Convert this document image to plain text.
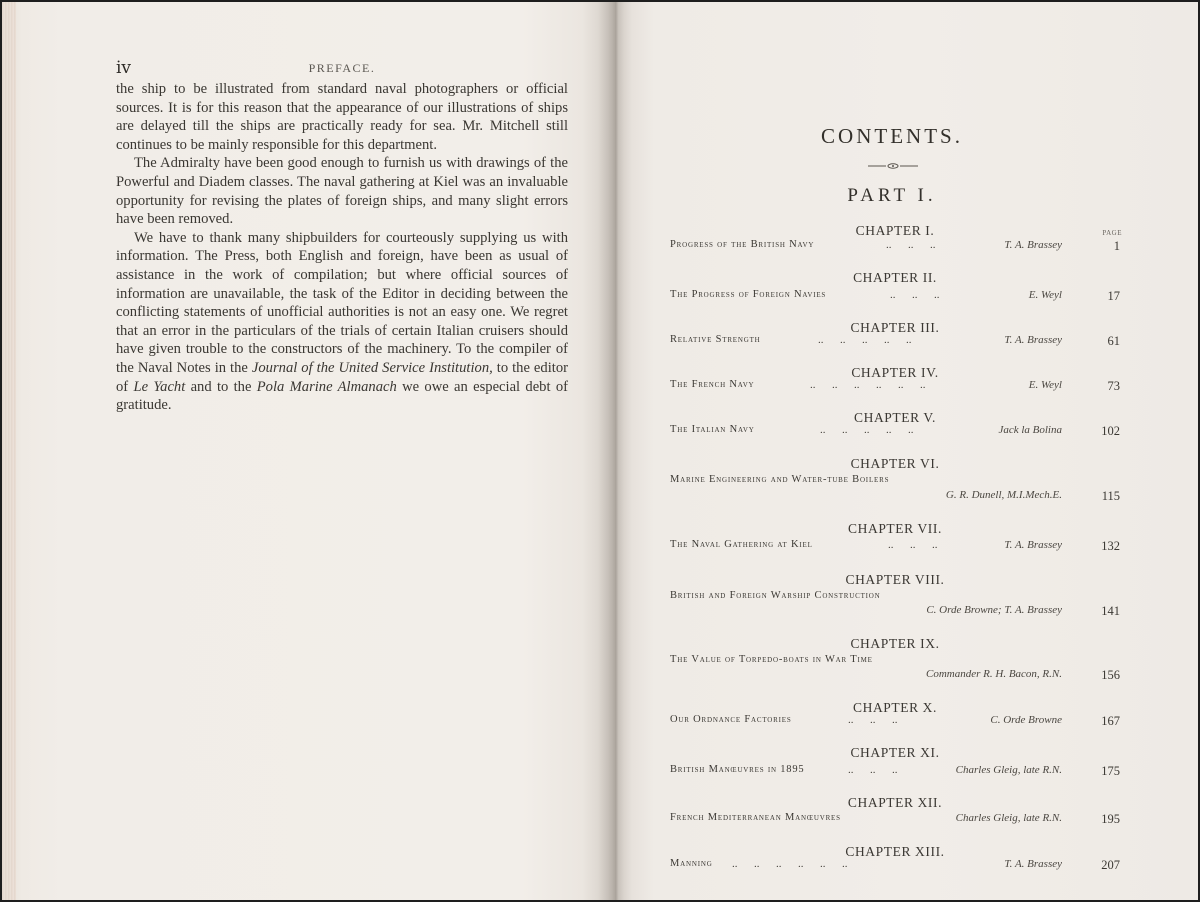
iv	PREFACE.

the ship to be illustrated from standard naval photographers or official sources. It is for this reason that the appearance of our illustrations of ships are delayed till the ships are practically ready for sea. Mr. Mitchell still continues to be mainly responsible for this department.

The Admiralty have been good enough to furnish us with drawings of the Powerful and Diadem classes. The naval gathering at Kiel was an invaluable opportunity for revising the plates of foreign ships, and many slight errors have been removed.

We have to thank many shipbuilders for courteously supplying us with information. The Press, both English and foreign, have been as usual of assistance in the work of compilation; but where official sources of information are unavailable, the task of the Editor in deciding between the conflicting statements of unofficial authorities is not an easy one. We regret that an error in the particulars of the trials of certain Italian cruisers should have given trouble to the constructors of the machinery. To the compiler of the Naval Notes in the Journal of the United Service Institution, to the editor of Le Yacht and to the Pola Marine Almanach we owe an especial debt of gratitude.

CONTENTS.
PART I.
PAGE
CHAPTER I.
Progress of the British Navy	..      ..      ..	T. A. Brassey	1
CHAPTER II.
The Progress of Foreign Navies	..      ..      ..	E. Weyl	17
CHAPTER III.
Relative Strength	..      ..      ..      ..      ..	T. A. Brassey	61
CHAPTER IV.
The French Navy	..      ..      ..      ..      ..      ..	E. Weyl	73
CHAPTER V.
The Italian Navy	..      ..      ..      ..      ..	Jack la Bolina	102
CHAPTER VI.
Marine Engineering and Water-tube Boilers
G. R. Dunell, M.I.Mech.E.	115
CHAPTER VII.
The Naval Gathering at Kiel	..      ..      ..	T. A. Brassey	132
CHAPTER VIII.
British and Foreign Warship Construction
C. Orde Browne; T. A. Brassey	141
CHAPTER IX.
The Value of Torpedo-boats in War Time
Commander R. H. Bacon, R.N.	156
CHAPTER X.
Our Ordnance Factories	..      ..      ..	C. Orde Browne	167
CHAPTER XI.
British Manœuvres in 1895	..      ..      ..	Charles Gleig, late R.N.	175
CHAPTER XII.
French Mediterranean Manœuvres	Charles Gleig, late R.N.	195
CHAPTER XIII.
Manning ..      ..      ..      ..      ..      ..	T. A. Brassey	207
